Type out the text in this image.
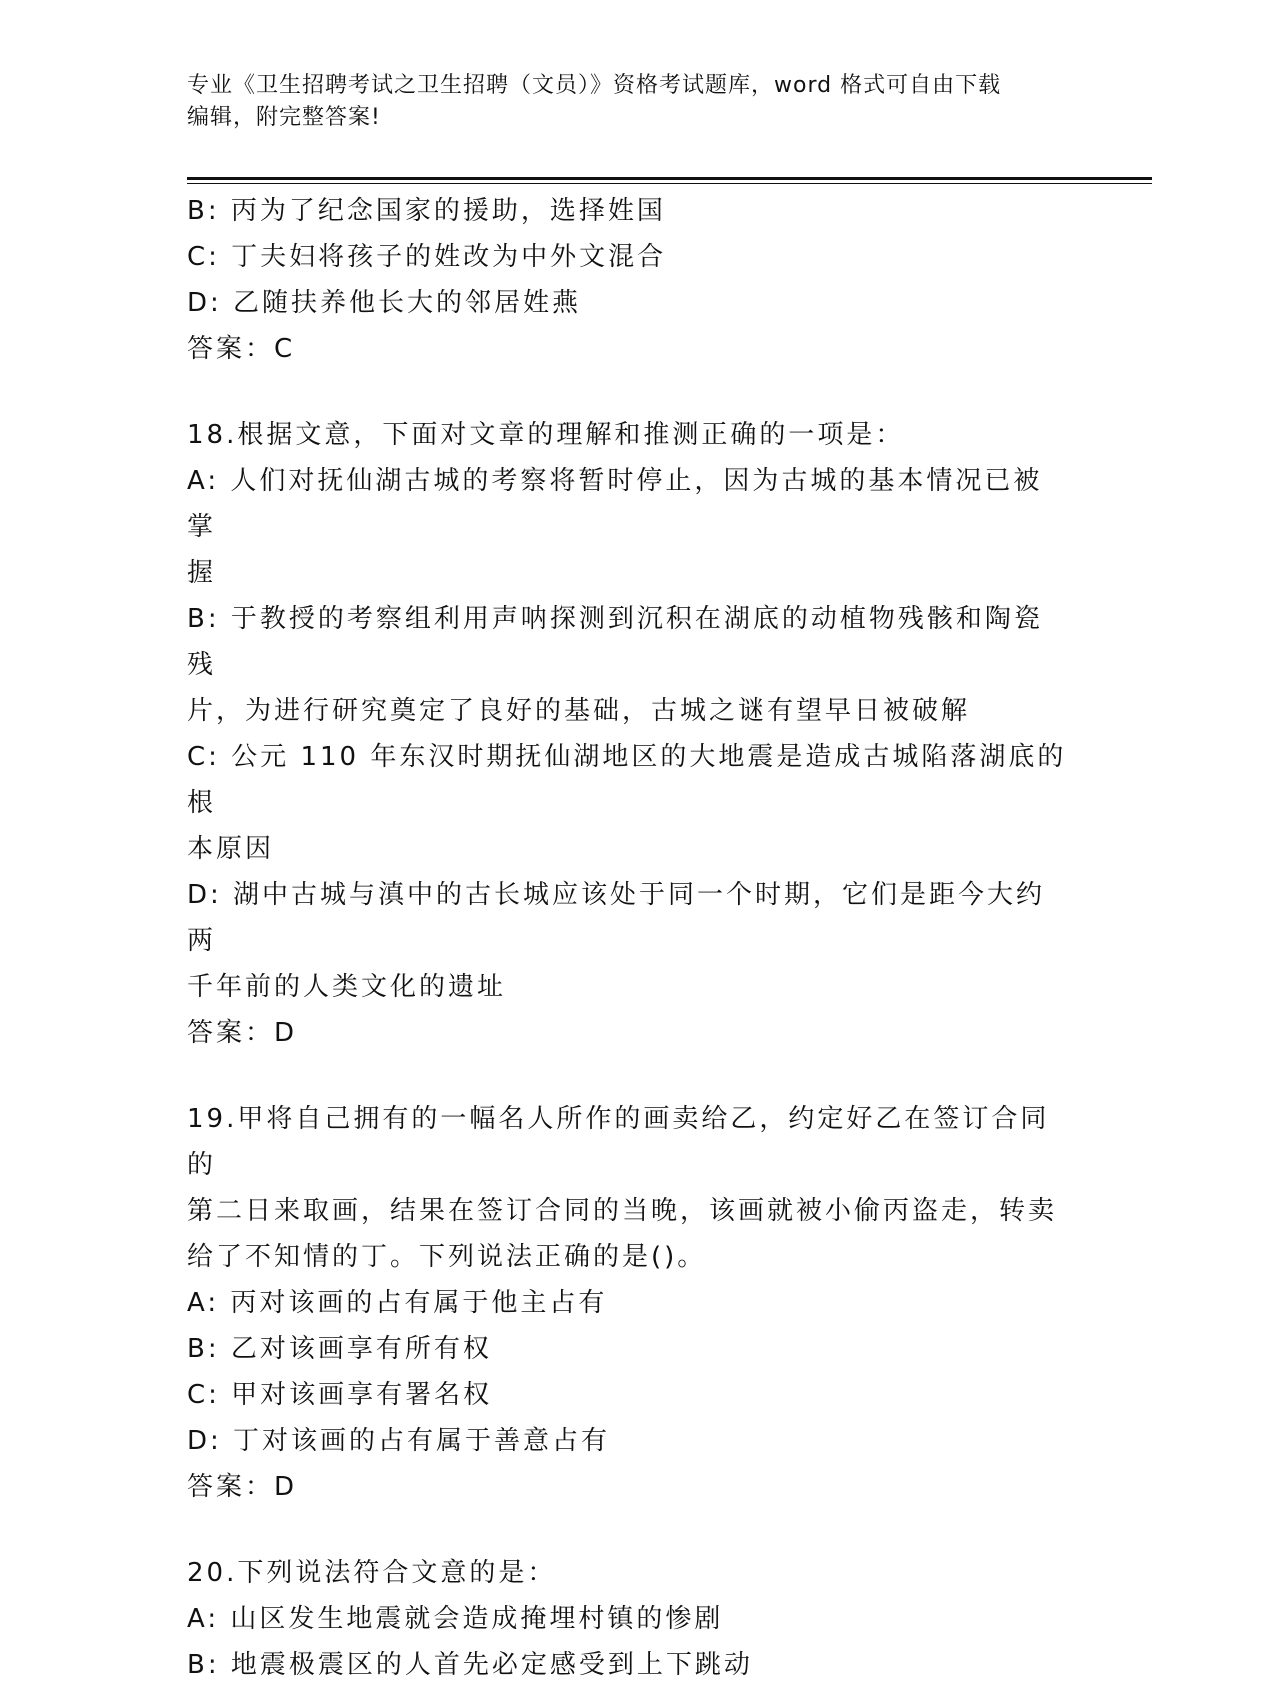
专业《卫生招聘考试之卫生招聘（文员）》资格考试题库，word 格式可自由下载
编辑，附完整答案!
B: 丙为了纪念国家的援助，选择姓国
C: 丁夫妇将孩子的姓改为中外文混合
D: 乙随扶养他长大的邻居姓燕
答案：C
18.根据文意，下面对文章的理解和推测正确的一项是：
A: 人们对抚仙湖古城的考察将暂时停止，因为古城的基本情况已被掌
握
B: 于教授的考察组利用声呐探测到沉积在湖底的动植物残骸和陶瓷残
片，为进行研究奠定了良好的基础，古城之谜有望早日被破解
C: 公元 110 年东汉时期抚仙湖地区的大地震是造成古城陷落湖底的根
本原因
D: 湖中古城与滇中的古长城应该处于同一个时期，它们是距今大约两
千年前的人类文化的遗址
答案：D
19.甲将自己拥有的一幅名人所作的画卖给乙，约定好乙在签订合同的
第二日来取画，结果在签订合同的当晚，该画就被小偷丙盗走，转卖
给了不知情的丁。下列说法正确的是()。
A: 丙对该画的占有属于他主占有
B: 乙对该画享有所有权
C: 甲对该画享有署名权
D: 丁对该画的占有属于善意占有
答案：D
20.下列说法符合文意的是：
A: 山区发生地震就会造成掩埋村镇的惨剧
B: 地震极震区的人首先必定感受到上下跳动
